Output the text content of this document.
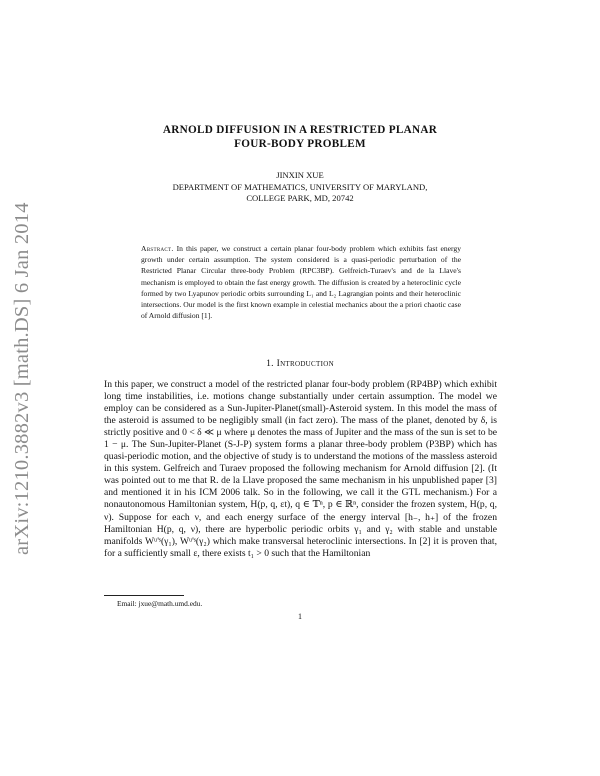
arXiv:1210.3882v3 [math.DS] 6 Jan 2014
ARNOLD DIFFUSION IN A RESTRICTED PLANAR
FOUR-BODY PROBLEM
JINXIN XUE
DEPARTMENT OF MATHEMATICS, UNIVERSITY OF MARYLAND,
COLLEGE PARK, MD, 20742
Abstract. In this paper, we construct a certain planar four-body problem which exhibits fast energy growth under certain assumption. The system considered is a quasi-periodic perturbation of the Restricted Planar Circular three-body Problem (RPC3BP). Gelfreich-Turaev's and de la Llave's mechanism is employed to obtain the fast energy growth. The diffusion is created by a heteroclinic cycle formed by two Lyapunov periodic orbits surrounding L₁ and L₂ Lagrangian points and their heteroclinic intersections. Our model is the first known example in celestial mechanics about the a priori chaotic case of Arnold diffusion [1].
1. Introduction

In this paper, we construct a model of the restricted planar four-body problem (RP4BP) which exhibit long time instabilities, i.e. motions change substantially under certain assumption. The model we employ can be considered as a Sun-Jupiter-Planet(small)-Asteroid system. In this model the mass of the asteroid is assumed to be negligibly small (in fact zero). The mass of the planet, denoted by δ, is strictly positive and 0 < δ ≪ μ where μ denotes the mass of Jupiter and the mass of the sun is set to be 1 − μ. The Sun-Jupiter-Planet (S-J-P) system forms a planar three-body problem (P3BP) which has quasi-periodic motion, and the objective of study is to understand the motions of the massless asteroid in this system. Gelfreich and Turaev proposed the following mechanism for Arnold diffusion [2]. (It was pointed out to me that R. de la Llave proposed the same mechanism in his unpublished paper [3] and mentioned it in his ICM 2006 talk. So in the following, we call it the GTL mechanism.) For a nonautonomous Hamiltonian system, H(p, q, εt), q ∈ 𝕋ⁿ, p ∈ ℝⁿ, consider the frozen system, H(p, q, ν). Suppose for each ν, and each energy surface of the energy interval [h₋, h₊] of the frozen Hamiltonian H(p, q, ν), there are hyperbolic periodic orbits γ₁ and γ₂ with stable and unstable manifolds Wᵘ'ˢ(γ₁), Wᵘ'ˢ(γ₂) which make transversal heteroclinic intersections. In [2] it is proven that, for a sufficiently small ε, there exists t₁ > 0 such that the Hamiltonian

Email: jxue@math.umd.edu.
1
